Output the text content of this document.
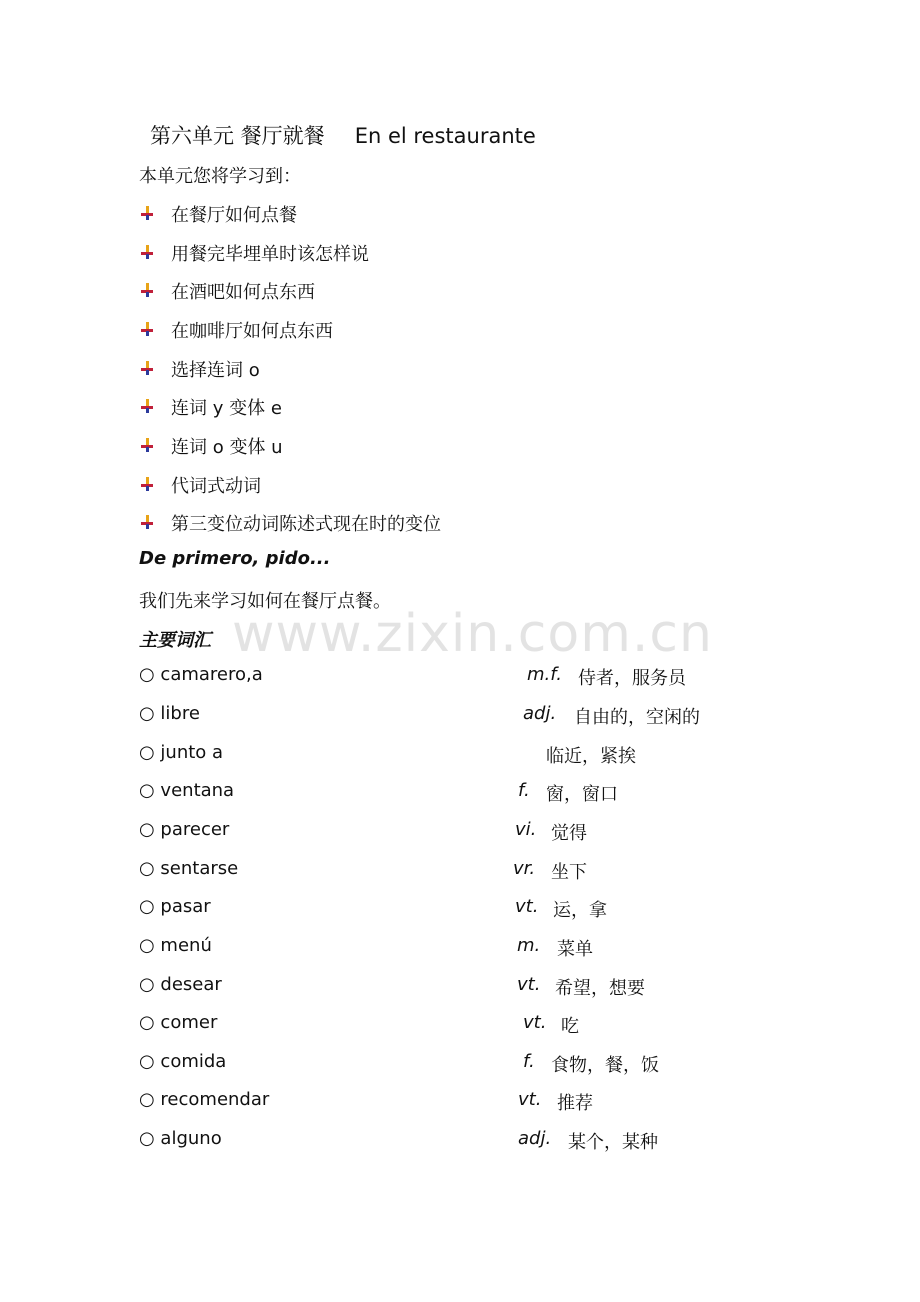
第六单元 餐厅就餐 En el restaurante
本单元您将学习到：
在餐厅如何点餐
用餐完毕埋单时该怎样说
在酒吧如何点东西
在咖啡厅如何点东西
选择连词 o
连词 y 变体 e
连词 o 变体 u
代词式动词
第三变位动词陈述式现在时的变位
De primero, pido...
我们先来学习如何在餐厅点餐。
www.zixin.com.cn
主要词汇
○ camarero,a	m.f. 侍者，服务员
○ libre	adj. 自由的，空闲的
○ junto a	临近，紧挨
○ ventana	f. 窗，窗口
○ parecer	vi. 觉得
○ sentarse	vr. 坐下
○ pasar	vt. 运，拿
○ menú	m. 菜单
○ desear	vt. 希望，想要
○ comer	vt. 吃
○ comida	f. 食物，餐，饭
○ recomendar	vt. 推荐
○ alguno	adj. 某个，某种
